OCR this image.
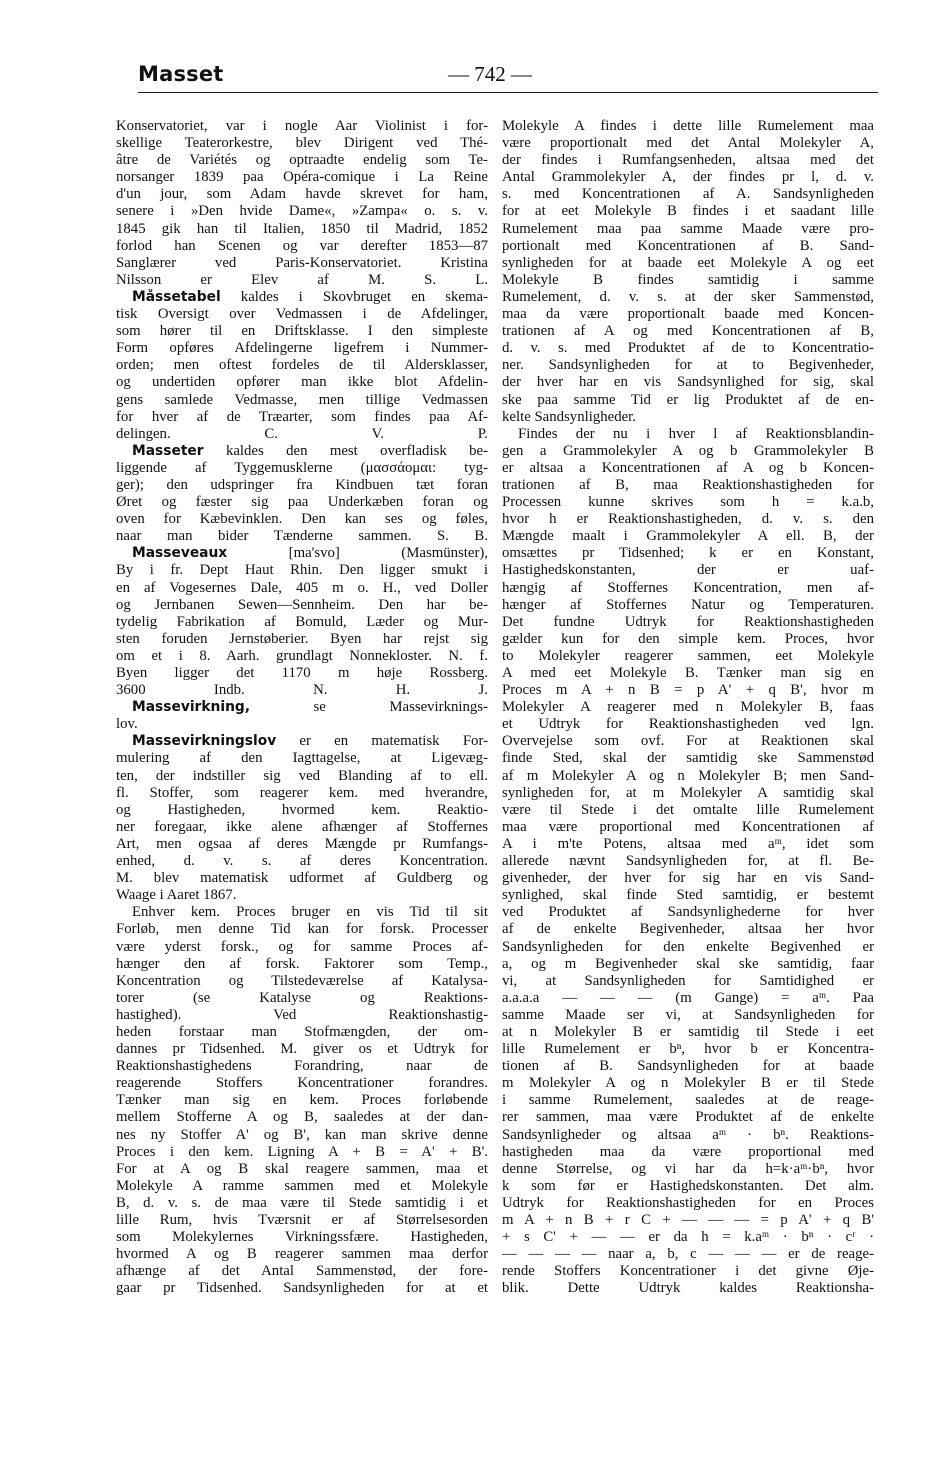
Masset	— 742 —
Konservatoriet, var i nogle Aar Violinist i for-
skellige Teaterorkestre, blev Dirigent ved Thé-
âtre de Variétés og optraadte endelig som Te-
norsanger 1839 paa Opéra-comique i La Reine
d'un jour, som Adam havde skrevet for ham,
senere i »Den hvide Dame«, »Zampa« o. s. v.
1845 gik han til Italien, 1850 til Madrid, 1852
forlod han Scenen og var derefter 1853—87
Sanglærer ved Paris-Konservatoriet. Kristina
Nilsson er Elev af M. S. L.
Måssetabel kaldes i Skovbruget en skema-
tisk Oversigt over Vedmassen i de Afdelinger,
som hører til en Driftsklasse. I den simpleste
Form opføres Afdelingerne ligefrem i Nummer-
orden; men oftest fordeles de til Aldersklasser,
og undertiden opfører man ikke blot Afdelin-
gens samlede Vedmasse, men tillige Vedmassen
for hver af de Træarter, som findes paa Af-
delingen. C. V. P.
Masseter kaldes den mest overfladisk be-
liggende af Tyggemusklerne (μασσάομαι: tyg-
ger); den udspringer fra Kindbuen tæt foran
Øret og fæster sig paa Underkæben foran og
oven for Kæbevinklen. Den kan ses og føles,
naar man bider Tænderne sammen. S. B.
Masseveaux [ma'svo] (Masmünster),
By i fr. Dept Haut Rhin. Den ligger smukt i
en af Vogesernes Dale, 405 m o. H., ved Doller
og Jernbanen Sewen—Sennheim. Den har be-
tydelig Fabrikation af Bomuld, Læder og Mur-
sten foruden Jernstøberier. Byen har rejst sig
om et i 8. Aarh. grundlagt Nonnekloster. N. f.
Byen ligger det 1170 m høje Rossberg.
3600 Indb. N. H. J.
Massevirkning, se Massevirknings-
lov.
Massevirkningslov er en matematisk For-
mulering af den Iagttagelse, at Ligevæg-
ten, der indstiller sig ved Blanding af to ell.
fl. Stoffer, som reagerer kem. med hverandre,
og Hastigheden, hvormed kem. Reaktio-
ner foregaar, ikke alene afhænger af Stoffernes
Art, men ogsaa af deres Mængde pr Rumfangs-
enhed, d. v. s. af deres Koncentration.
M. blev matematisk udformet af Guldberg og
Waage i Aaret 1867.
Enhver kem. Proces bruger en vis Tid til sit
Forløb, men denne Tid kan for forsk. Processer
være yderst forsk., og for samme Proces af-
hænger den af forsk. Faktorer som Temp.,
Koncentration og Tilstedeværelse af Katalysa-
torer (se Katalyse og Reaktions-
hastighed). Ved Reaktionshastig-
heden forstaar man Stofmængden, der om-
dannes pr Tidsenhed. M. giver os et Udtryk for
Reaktionshastighedens Forandring, naar de
reagerende Stoffers Koncentrationer forandres.
Tænker man sig en kem. Proces forløbende
mellem Stofferne A og B, saaledes at der dan-
nes ny Stoffer A' og B', kan man skrive denne
Proces i den kem. Ligning A + B = A' + B'.
For at A og B skal reagere sammen, maa et
Molekyle A ramme sammen med et Molekyle
B, d. v. s. de maa være til Stede samtidig i et
lille Rum, hvis Tværsnit er af Størrelsesorden
som Molekylernes Virkningssfære. Hastigheden,
hvormed A og B reagerer sammen maa derfor
afhænge af det Antal Sammenstød, der fore-
gaar pr Tidsenhed. Sandsynligheden for at et
Molekyle A findes i dette lille Rumelement maa
være proportionalt med det Antal Molekyler A,
der findes i Rumfangsenheden, altsaa med det
Antal Grammolekyler A, der findes pr l, d. v.
s. med Koncentrationen af A. Sandsynligheden
for at eet Molekyle B findes i et saadant lille
Rumelement maa paa samme Maade være pro-
portionalt med Koncentrationen af B. Sand-
synligheden for at baade eet Molekyle A og eet
Molekyle B findes samtidig i samme
Rumelement, d. v. s. at der sker Sammenstød,
maa da være proportionalt baade med Koncen-
trationen af A og med Koncentrationen af B,
d. v. s. med Produktet af de to Koncentratio-
ner. Sandsynligheden for at to Begivenheder,
der hver har en vis Sandsynlighed for sig, skal
ske paa samme Tid er lig Produktet af de en-
kelte Sandsynligheder.
Findes der nu i hver l af Reaktionsblandin-
gen a Grammolekyler A og b Grammolekyler B
er altsaa a Koncentrationen af A og b Koncen-
trationen af B, maa Reaktionshastigheden for
Processen kunne skrives som h = k.a.b,
hvor h er Reaktionshastigheden, d. v. s. den
Mængde maalt i Grammolekyler A ell. B, der
omsættes pr Tidsenhed; k er en Konstant,
Hastighedskonstanten, der er uaf-
hængig af Stoffernes Koncentration, men af-
hænger af Stoffernes Natur og Temperaturen.
Det fundne Udtryk for Reaktionshastigheden
gælder kun for den simple kem. Proces, hvor
to Molekyler reagerer sammen, eet Molekyle
A med eet Molekyle B. Tænker man sig en
Proces m A + n B = p A' + q B', hvor m
Molekyler A reagerer med n Molekyler B, faas
et Udtryk for Reaktionshastigheden ved lgn.
Overvejelse som ovf. For at Reaktionen skal
finde Sted, skal der samtidig ske Sammenstød
af m Molekyler A og n Molekyler B; men Sand-
synligheden for, at m Molekyler A samtidig skal
være til Stede i det omtalte lille Rumelement
maa være proportional med Koncentrationen af
A i m'te Potens, altsaa med aᵐ, idet som
allerede nævnt Sandsynligheden for, at fl. Be-
givenheder, der hver for sig har en vis Sand-
synlighed, skal finde Sted samtidig, er bestemt
ved Produktet af Sandsynlighederne for hver
af de enkelte Begivenheder, altsaa her hvor
Sandsynligheden for den enkelte Begivenhed er
a, og m Begivenheder skal ske samtidig, faar
vi, at Sandsynligheden for Samtidighed er
a.a.a.a — — — (m Gange) = aᵐ. Paa
samme Maade ser vi, at Sandsynligheden for
at n Molekyler B er samtidig til Stede i eet
lille Rumelement er bⁿ, hvor b er Koncentra-
tionen af B. Sandsynligheden for at baade
m Molekyler A og n Molekyler B er til Stede
i samme Rumelement, saaledes at de reage-
rer sammen, maa være Produktet af de enkelte
Sandsynligheder og altsaa aᵐ · bⁿ. Reaktions-
hastigheden maa da være proportional med
denne Størrelse, og vi har da h=k·aᵐ·bⁿ, hvor
k som før er Hastighedskonstanten. Det alm.
Udtryk for Reaktionshastigheden for en Proces
m A + n B + r C + — — — = p A' + q B'
+ s C' + — — er da h = k.aᵐ · bⁿ · cʳ ·
— — — — naar a, b, c — — — er de reage-
rende Stoffers Koncentrationer i det givne Øje-
blik. Dette Udtryk kaldes Reaktionsha-
